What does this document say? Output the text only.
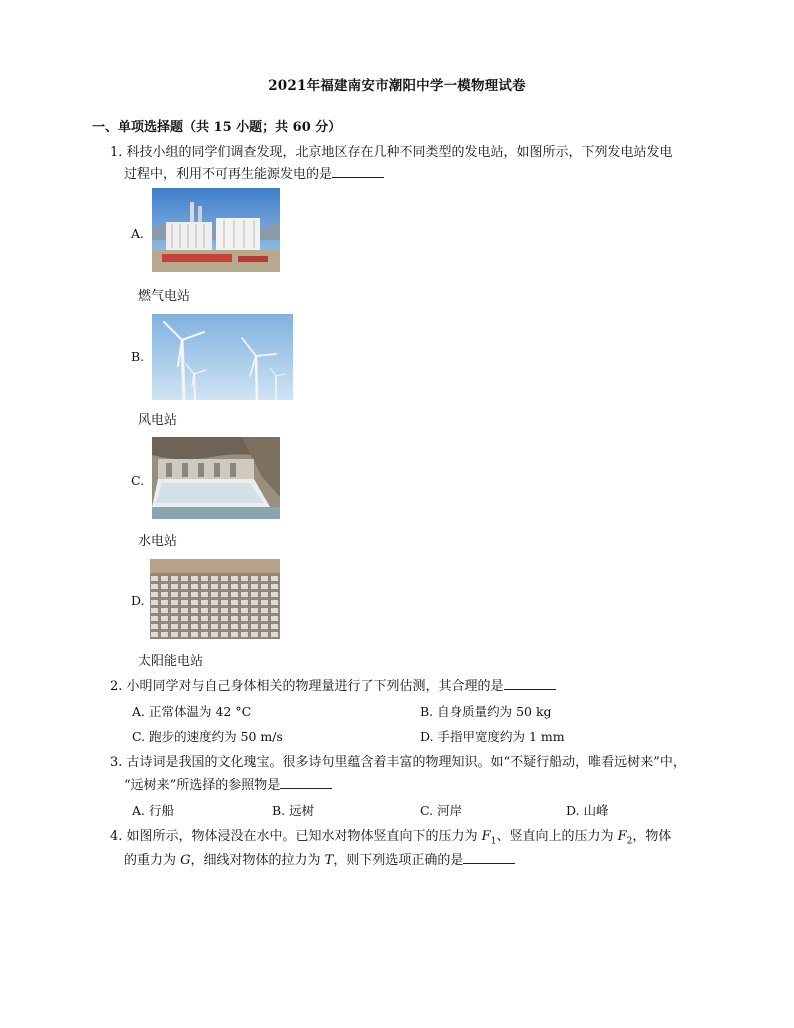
2021年福建南安市潮阳中学一模物理试卷
一、单项选择题（共 15 小题；共 60 分）
1. 科技小组的同学们调查发现，北京地区存在几种不同类型的发电站，如图所示，下列发电站发电
过程中，利用不可再生能源发电的是
A.
燃气电站
B.
风电站
C.
水电站
D.
太阳能电站
2. 小明同学对与自己身体相关的物理量进行了下列估测，其合理的是
A. 正常体温为 42 °C	B. 自身质量约为 50 kg
C. 跑步的速度约为 50 m/s	D. 手指甲宽度约为 1 mm
3. 古诗词是我国的文化瑰宝。很多诗句里蕴含着丰富的物理知识。如“不疑行船动，唯看远树来”中，
“远树来”所选择的参照物是
A. 行船	B. 远树	C. 河岸	D. 山峰
4. 如图所示，物体浸没在水中。已知水对物体竖直向下的压力为 $F_1$、竖直向上的压力为 $F_2$，物体
的重力为 G，细线对物体的拉力为 T，则下列选项正确的是
